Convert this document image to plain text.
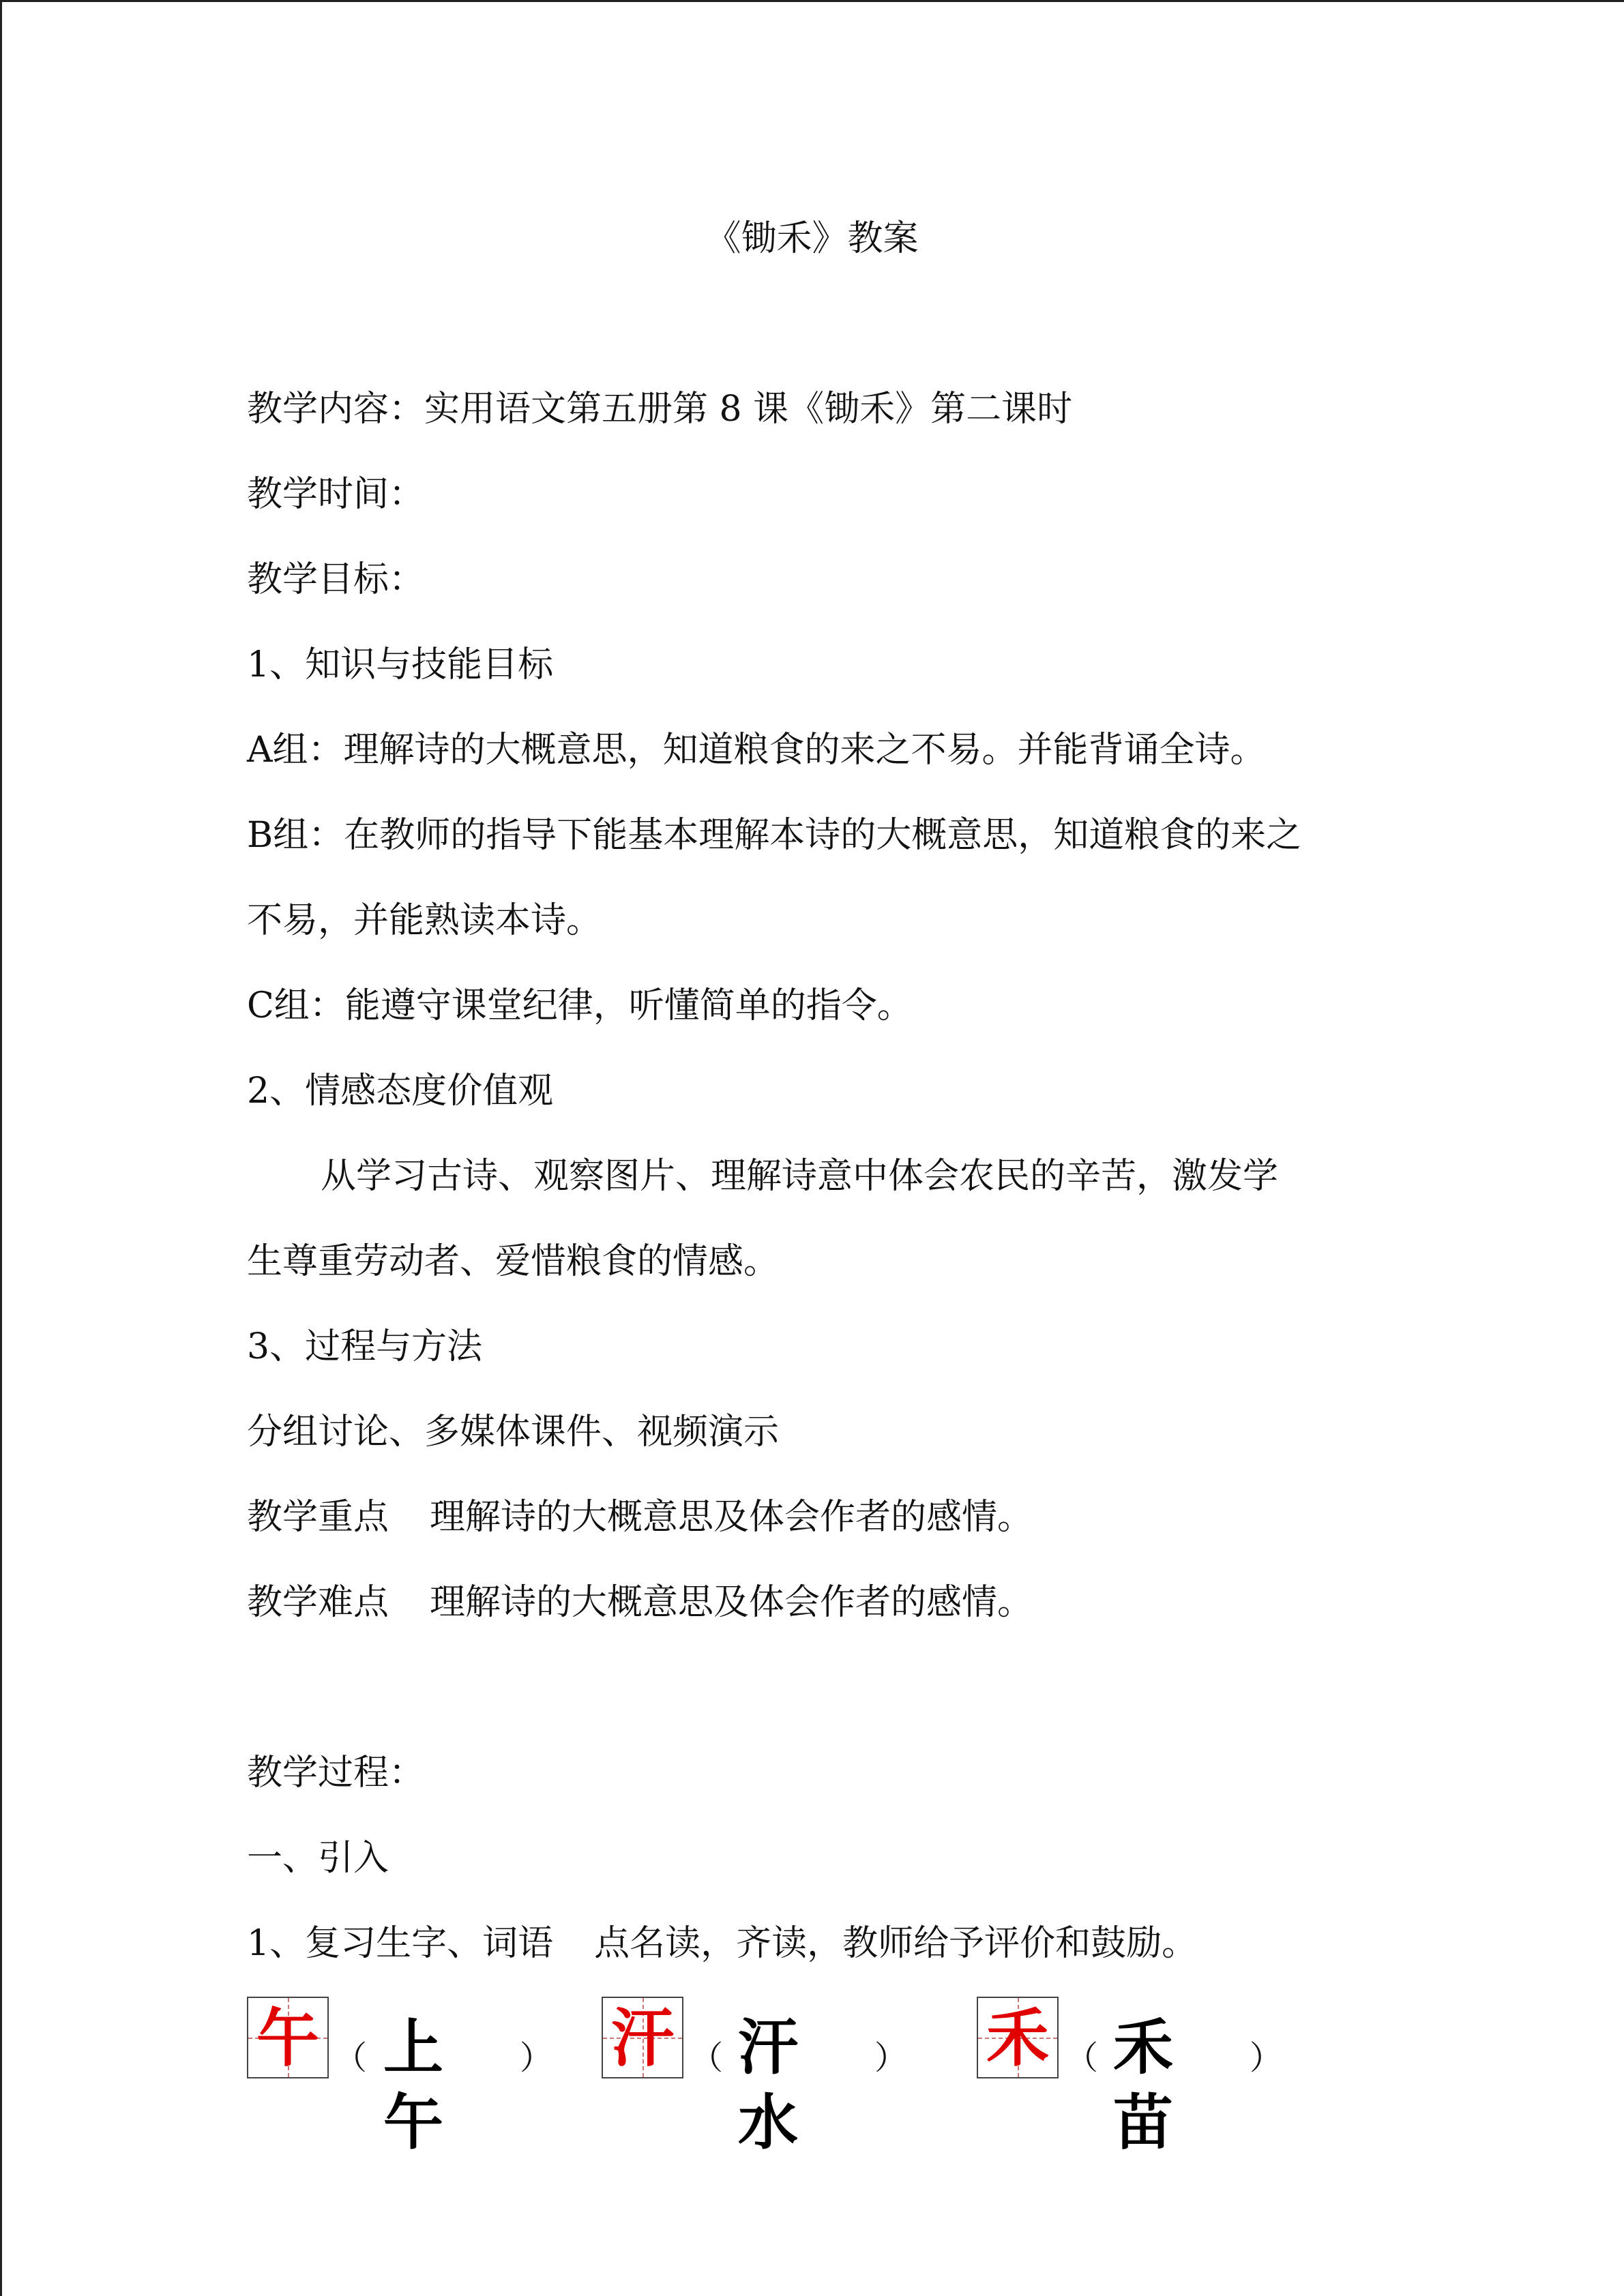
《锄禾》教案
教学内容：实用语文第五册第 8 课《锄禾》第二课时
教学时间：
教学目标：
1、知识与技能目标
A组：理解诗的大概意思，知道粮食的来之不易。并能背诵全诗。
B组：在教师的指导下能基本理解本诗的大概意思，知道粮食的来之
不易，并能熟读本诗。
C组：能遵守课堂纪律，听懂简单的指令。
2、情感态度价值观
从学习古诗、观察图片、理解诗意中体会农民的辛苦，激发学
生尊重劳动者、爱惜粮食的情感。
3、过程与方法
分组讨论、多媒体课件、视频演示
教学重点 理解诗的大概意思及体会作者的感情。
教学难点 理解诗的大概意思及体会作者的感情。
教学过程：
一、引入
1、复习生字、词语 点名读，齐读，教师给予评价和鼓励。
午 （ 上午
） 汗 （ 汗水
） 禾 （ 禾苗
）
